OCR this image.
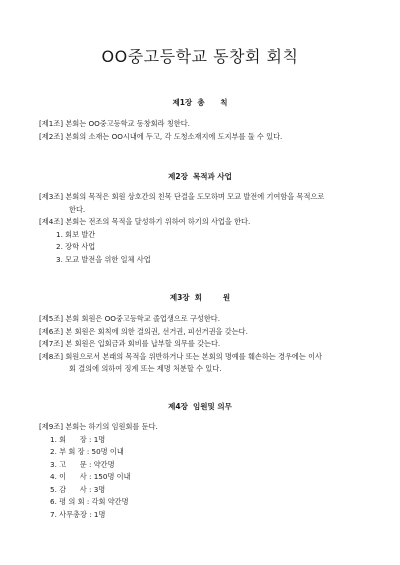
OO중고등학교 동창회 회칙
제1장  총      칙
[제1조] 본회는 OO중고등학교 동창회라 칭한다.
[제2조] 본회의 소재는 OO시내에 두고, 각 도청소재지에 도지부를 둘 수 있다.
제2장  목적과 사업
[제3조] 본회의 목적은 회원 상호간의 친목 단결을 도모하며 모교 발전에 기여함을 목적으로
한다.
[제4조] 본회는 전조의 목적을 달성하기 위하여 하기의 사업을 한다.
1. 회보 발간
2. 장학 사업
3. 모교 발전을 위한 일체 사업
제3장  회        원
[제5조] 본회 회원은 OO중고등학교 졸업생으로 구성한다.
[제6조] 본 회원은 회칙에 의한 결의권, 선거권, 피선거권을 갖는다.
[제7조] 본 회원은 입회금과 회비를 납부할 의무를 갖는다.
[제8조] 회원으로서 본래의 목적을 위반하거나 또는 본회의 명예를 훼손하는 경우에는 이사
회 결의에 의하여 징계 또는 제명 처분할 수 있다.
제4장  임원및 의무
[제9조] 본회는 하기의 임원회를 둔다.
1. 회      장 : 1명
2. 부 회 장 : 50명 이내
3. 고      문 : 약간명
4. 이      사 : 150명 이내
5. 감      사 : 3명
6. 평 의 회 : 각회 약간명
7. 사무총장 : 1명
